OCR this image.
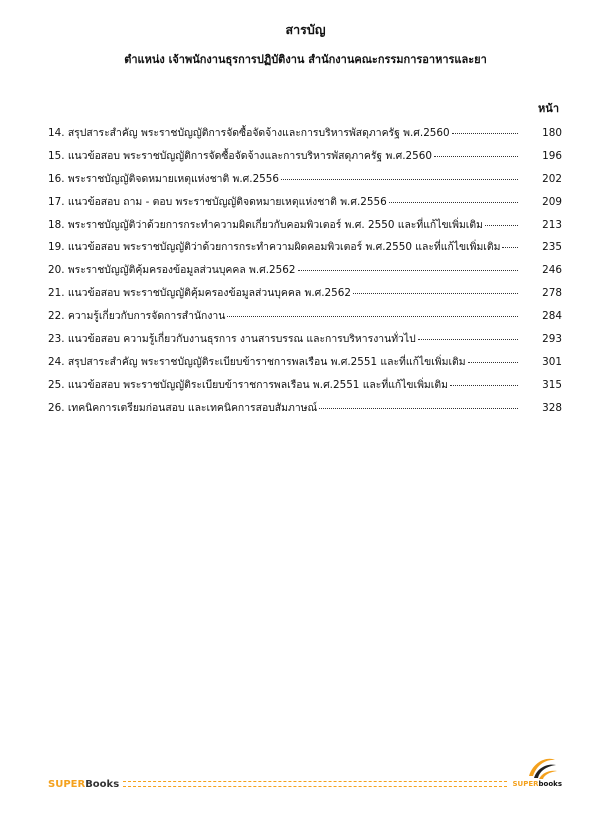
สารบัญ
ตำแหน่ง เจ้าพนักงานธุรการปฏิบัติงาน สำนักงานคณะกรรมการอาหารและยา
หน้า
14. สรุปสาระสำคัญ พระราชบัญญัติการจัดซื้อจัดจ้างและการบริหารพัสดุภาครัฐ พ.ศ.2560	180
15. แนวข้อสอบ พระราชบัญญัติการจัดซื้อจัดจ้างและการบริหารพัสดุภาครัฐ พ.ศ.2560	196
16. พระราชบัญญัติจดหมายเหตุแห่งชาติ พ.ศ.2556	202
17. แนวข้อสอบ ถาม - ตอบ พระราชบัญญัติจดหมายเหตุแห่งชาติ พ.ศ.2556	209
18. พระราชบัญญัติว่าด้วยการกระทำความผิดเกี่ยวกับคอมพิวเตอร์ พ.ศ. 2550 และที่แก้ไขเพิ่มเติม	213
19. แนวข้อสอบ พระราชบัญญัติว่าด้วยการกระทำความผิดคอมพิวเตอร์ พ.ศ.2550 และที่แก้ไขเพิ่มเติม	235
20. พระราชบัญญัติคุ้มครองข้อมูลส่วนบุคคล พ.ศ.2562	246
21. แนวข้อสอบ พระราชบัญญัติคุ้มครองข้อมูลส่วนบุคคล พ.ศ.2562	278
22. ความรู้เกี่ยวกับการจัดการสำนักงาน	284
23. แนวข้อสอบ ความรู้เกี่ยวกับงานธุรการ งานสารบรรณ และการบริหารงานทั่วไป	293
24. สรุปสาระสำคัญ พระราชบัญญัติระเบียบข้าราชการพลเรือน พ.ศ.2551 และที่แก้ไขเพิ่มเติม	301
25. แนวข้อสอบ พระราชบัญญัติระเบียบข้าราชการพลเรือน พ.ศ.2551 และที่แก้ไขเพิ่มเติม	315
26. เทคนิคการเตรียมก่อนสอบ และเทคนิคการสอบสัมภาษณ์	328
SUPERBooks	SUPERbooks
